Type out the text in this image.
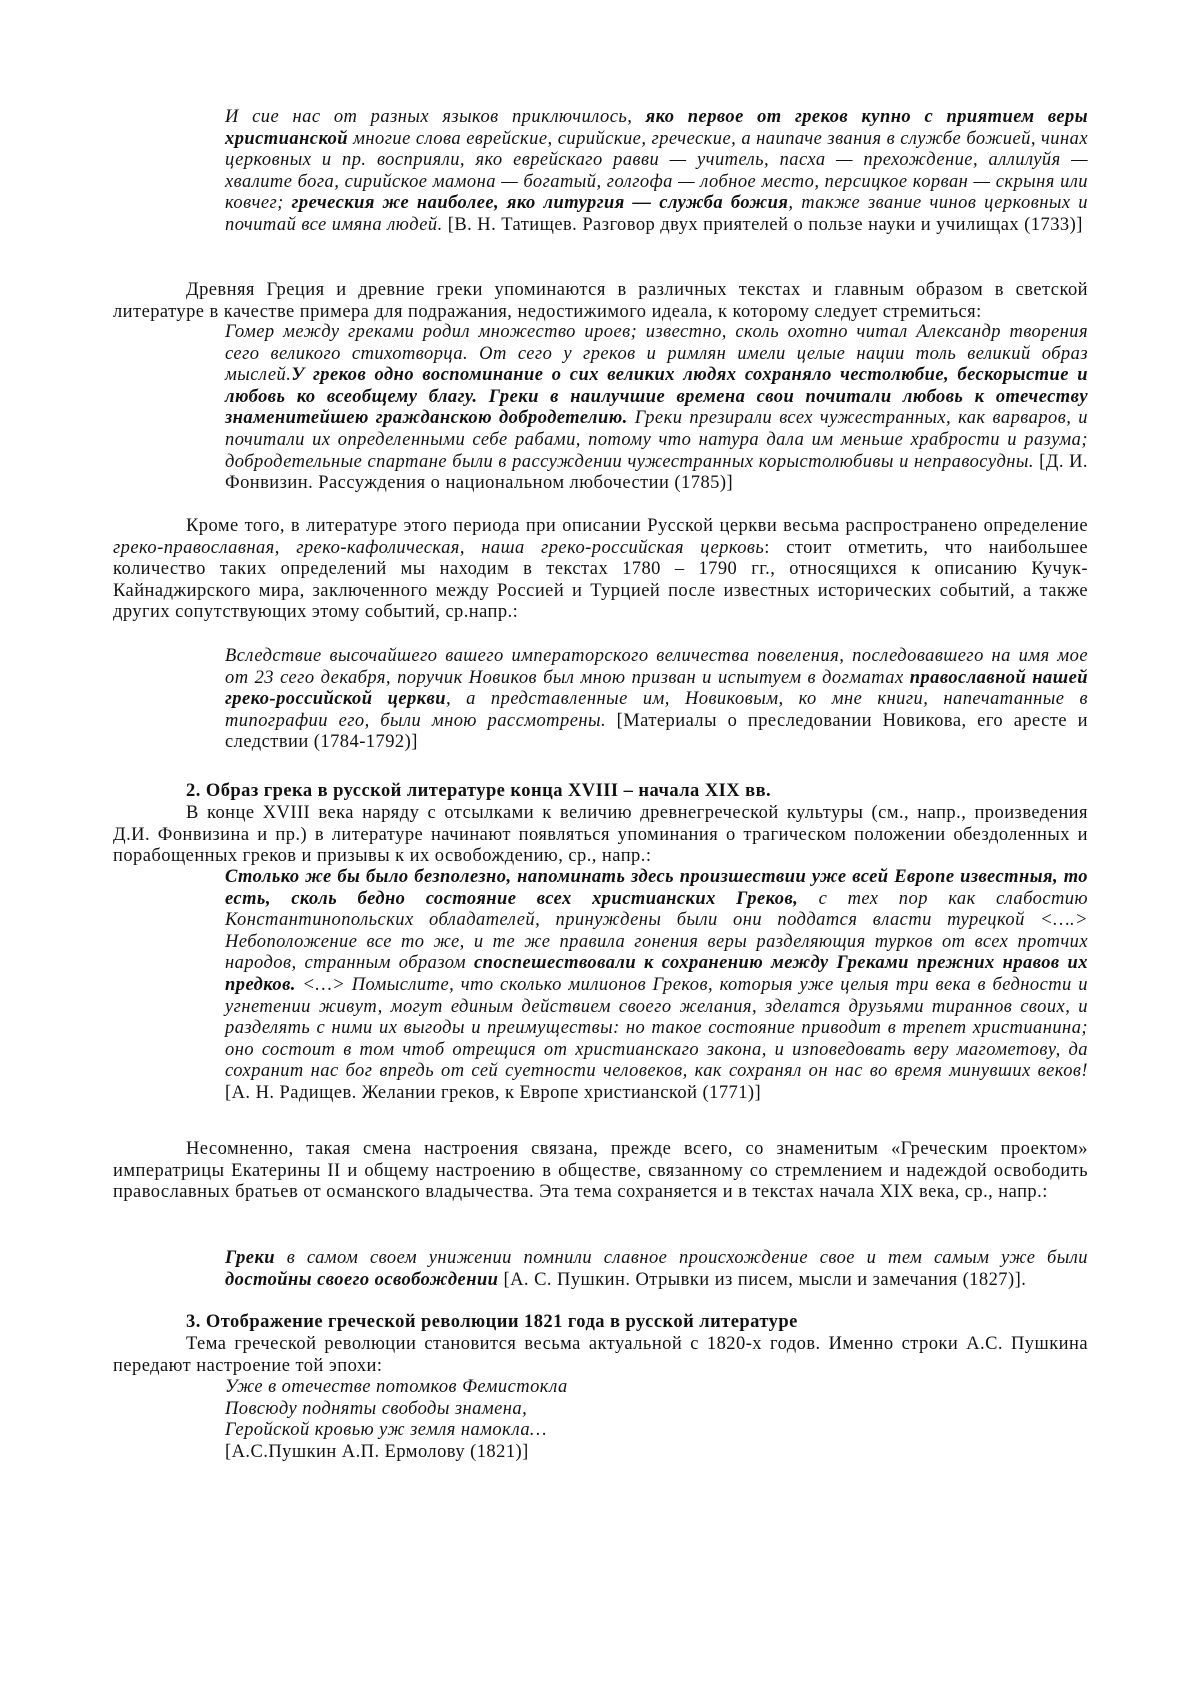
И сие нас от разных языков приключилось, яко первое от греков купно с приятием веры христианской многие слова еврейские, сирийские, греческие, а наипаче звания в службе божией, чинах церковных и пр. восприяли, яко еврейскаго равви — учитель, пасха — прехождение, аллилуйя — хвалите бога, сирийское мамона — богатый, голгофа — лобное место, персицкое корван — скрыня или ковчег; греческия же наиболее, яко литургия — служба божия, также звание чинов церковных и почитай все имяна людей. [В. Н. Татищев. Разговор двух приятелей о пользе науки и училищах (1733)]
Древняя Греция и древние греки упоминаются в различных текстах и главным образом в светской литературе в качестве примера для подражания, недостижимого идеала, к которому следует стремиться:
Гомер между греками родил множество ироев; известно, сколь охотно читал Александр творения сего великого стихотворца. От сего у греков и римлян имели целые нации толь великий образ мыслей.У греков одно воспоминание о сих великих людях сохраняло честолюбие, бескорыстие и любовь ко всеобщему благу. Греки в наилучшие времена свои почитали любовь к отечеству знаменитейшею гражданскою добродетелию. Греки презирали всех чужестранных, как варваров, и почитали их определенными себе рабами, потому что натура дала им меньше храбрости и разума; добродетельные спартане были в рассуждении чужестранных корыстолюбивы и неправосудны. [Д. И. Фонвизин. Рассуждения о национальном любочестии (1785)]
Кроме того, в литературе этого периода при описании Русской церкви весьма распространено определение греко-православная, греко-кафолическая, наша греко-российская церковь: стоит отметить, что наибольшее количество таких определений мы находим в текстах 1780 – 1790 гг., относящихся к описанию Кучук-Кайнаджирского мира, заключенного между Россией и Турцией после известных исторических событий, а также других сопутствующих этому событий, ср.напр.:
Вследствие высочайшего вашего императорского величества повеления, последовавшего на имя мое от 23 сего декабря, поручик Новиков был мною призван и испытуем в догматах православной нашей греко-российской церкви, а представленные им, Новиковым, ко мне книги, напечатанные в типографии его, были мною рассмотрены. [Материалы о преследовании Новикова, его аресте и следствии (1784-1792)]
2. Образ грека в русской литературе конца XVIII – начала XIX вв.
В конце XVIII века наряду с отсылками к величию древнегреческой культуры (см., напр., произведения Д.И. Фонвизина и пр.) в литературе начинают появляться упоминания о трагическом положении обездоленных и порабощенных греков и призывы к их освобождению, ср., напр.:
Столько же бы было безполезно, напоминать здесь произшествии уже всей Европе известныя, то есть, сколь бедно состояние всех христианских Греков, с тех пор как слабостию Константинопольских обладателей, принуждены были они поддатся власти турецкой <….> Небоположение все то же, и те же правила гонения веры разделяющия турков от всех протчих народов, странным образом споспешествовали к сохранению между Греками прежних нравов их предков. <…> Помыслите, что сколько милионов Греков, которыя уже целыя три века в бедности и угнетении живут, могут единым действием своего желания, зделатся друзьями тираннов своих, и разделять с ними их выгоды и преимуществы: но такое состояние приводит в трепет христианина; оно состоит в том чтоб отрещися от христианскаго закона, и изповедовать веру магометову, да сохранит нас бог впредь от сей суетности человеков, как сохранял он нас во время минувших веков! [А. Н. Радищев. Желании греков, к Европе христианской (1771)]
Несомненно, такая смена настроения связана, прежде всего, со знаменитым «Греческим проектом» императрицы Екатерины II и общему настроению в обществе, связанному со стремлением и надеждой освободить православных братьев от османского владычества. Эта тема сохраняется и в текстах начала XIX века, ср., напр.:
Греки в самом своем унижении помнили славное происхождение свое и тем самым уже были достойны своего освобождении [А. С. Пушкин. Отрывки из писем, мысли и замечания (1827)].
3. Отображение греческой революции 1821 года в русской литературе
Тема греческой революции становится весьма актуальной с 1820-х годов. Именно строки А.С. Пушкина передают настроение той эпохи:
Уже в отечестве потомков Фемистокла
Повсюду подняты свободы знамена,
Геройской кровью уж земля намокла…
[А.С.Пушкин А.П. Ермолову (1821)]
